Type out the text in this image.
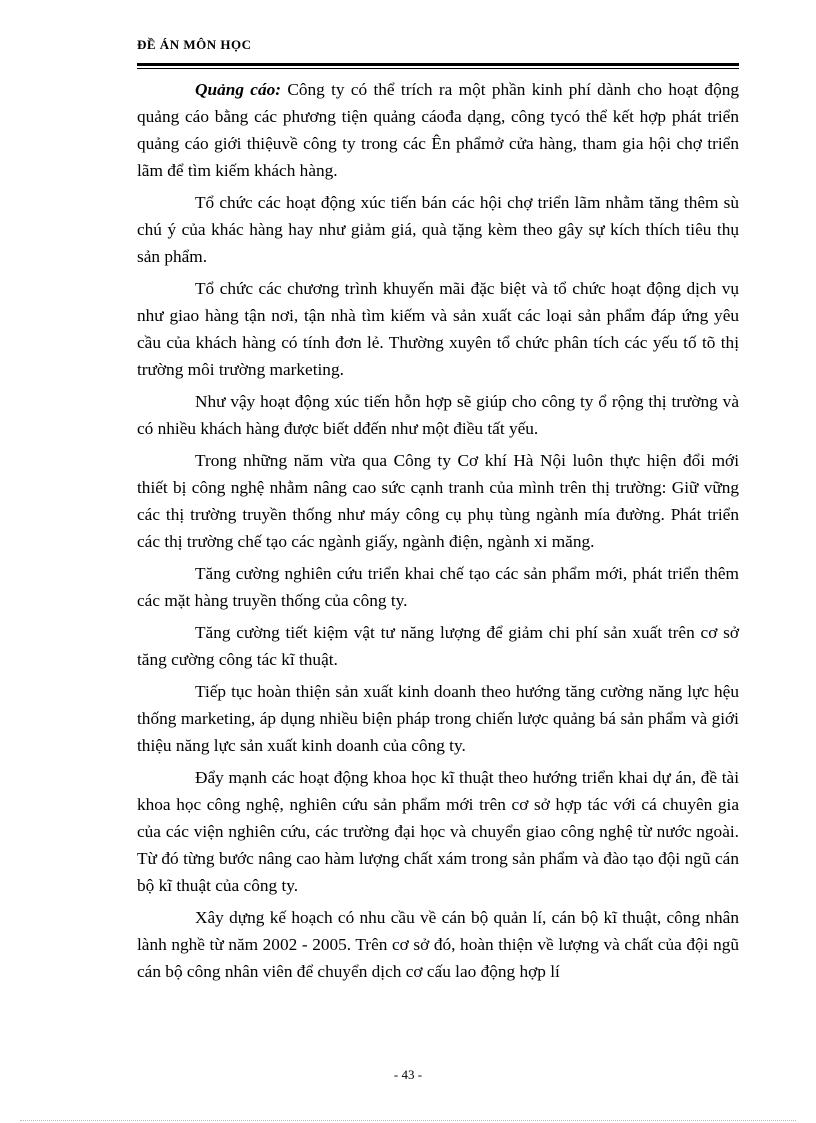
ĐỀ ÁN MÔN HỌC

Quảng cáo: Công ty có thể trích ra một phần kinh phí dành cho hoạt động quảng cáo bằng các phương tiện quảng cáođa dạng, công tycó thể kết hợp phát triển quảng cáo giới thiệuvề công ty trong các Ên phẩmở cửa hàng, tham gia hội chợ triển lãm để tìm kiếm khách hàng.

Tổ chức các hoạt động xúc tiến bán các hội chợ triển lãm nhằm tăng thêm sù chú ý của khác hàng hay như giảm giá, quà tặng kèm theo gây sự kích thích tiêu thụ sản phẩm.

Tổ chức các chương trình khuyến mãi đặc biệt và tổ chức hoạt động dịch vụ như giao hàng tận nơi, tận nhà tìm kiếm và sản xuất các loại sản phẩm đáp ứng yêu cầu của khách hàng có tính đơn lẻ. Thường xuyên tổ chức phân tích các yếu tố tõ thị trường môi trường marketing.

Như vậy hoạt động xúc tiến hỗn hợp sẽ giúp cho công ty ổ rộng thị trường và có nhiều khách hàng được biết dđến như một điều tất yếu.

Trong những năm vừa qua Công ty Cơ khí Hà Nội luôn thực hiện đổi mới thiết bị công nghệ nhằm nâng cao sức cạnh tranh của mình trên thị trường: Giữ vững các thị trường truyền thống như máy công cụ phụ tùng ngành mía đường. Phát triển các thị trường chế tạo các ngành giấy, ngành điện, ngành xi măng.

Tăng cường nghiên cứu triển khai chế tạo các sản phẩm mới, phát triển thêm các mặt hàng truyền thống của công ty.

Tăng cường tiết kiệm vật tư năng lượng để giảm chi phí sản xuất trên cơ sở tăng cường công tác kĩ thuật.

Tiếp tục hoàn thiện sản xuất kinh doanh theo hướng tăng cường năng lực hệu thống marketing, áp dụng nhiều biện pháp trong chiến lược quảng bá sản phẩm và giới thiệu năng lực sản xuất kinh doanh của công ty.

Đẩy mạnh các hoạt động khoa học kĩ thuật theo hướng triển khai dự án, đề tài khoa học công nghệ, nghiên cứu sản phẩm mới trên cơ sở hợp tác với cá chuyên gia của các viện nghiên cứu, các trường đại học và chuyển giao công nghệ từ nước ngoài. Từ đó từng bước nâng cao hàm lượng chất xám trong sản phẩm và đào tạo đội ngũ cán bộ kĩ thuật của công ty.

Xây dựng kế hoạch có nhu cầu về cán bộ quản lí, cán bộ kĩ thuật, công nhân lành nghề từ năm 2002 - 2005. Trên cơ sở đó, hoàn thiện về lượng và chất của đội ngũ cán bộ công nhân viên để chuyển dịch cơ cấu lao động hợp lí

- 43 -
